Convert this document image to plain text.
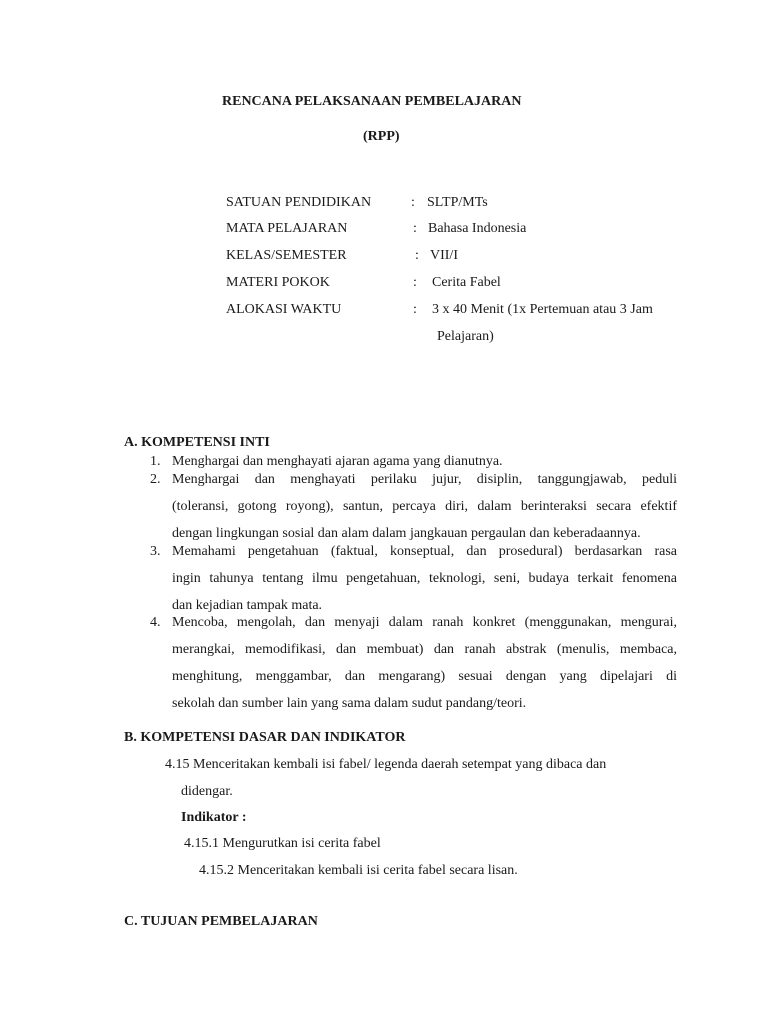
RENCANA PELAKSANAAN PEMBELAJARAN
(RPP)
SATUAN PENDIDIKAN	: SLTP/MTs
MATA PELAJARAN	: Bahasa Indonesia
KELAS/SEMESTER	: VII/I
MATERI POKOK	: Cerita Fabel
ALOKASI WAKTU	: 3 x 40 Menit (1x Pertemuan atau 3 Jam
Pelajaran)
A. KOMPETENSI INTI
1. Menghargai dan menghayati ajaran agama yang dianutnya.
2. Menghargai dan menghayati perilaku jujur, disiplin, tanggungjawab, peduli
(toleransi, gotong royong), santun, percaya diri, dalam berinteraksi secara efektif
dengan lingkungan sosial dan alam dalam jangkauan pergaulan dan keberadaannya.
3. Memahami pengetahuan (faktual, konseptual, dan prosedural) berdasarkan rasa
ingin tahunya tentang ilmu pengetahuan, teknologi, seni, budaya terkait fenomena
dan kejadian tampak mata.
4. Mencoba, mengolah, dan menyaji dalam ranah konkret (menggunakan, mengurai,
merangkai, memodifikasi, dan membuat) dan ranah abstrak (menulis, membaca,
menghitung, menggambar, dan mengarang) sesuai dengan yang dipelajari di
sekolah dan sumber lain yang sama dalam sudut pandang/teori.
B. KOMPETENSI DASAR DAN INDIKATOR
4.15 Menceritakan kembali isi fabel/ legenda daerah setempat yang dibaca dan
didengar.
Indikator :
4.15.1 Mengurutkan isi cerita fabel
4.15.2 Menceritakan kembali isi cerita fabel secara lisan.
C. TUJUAN PEMBELAJARAN
